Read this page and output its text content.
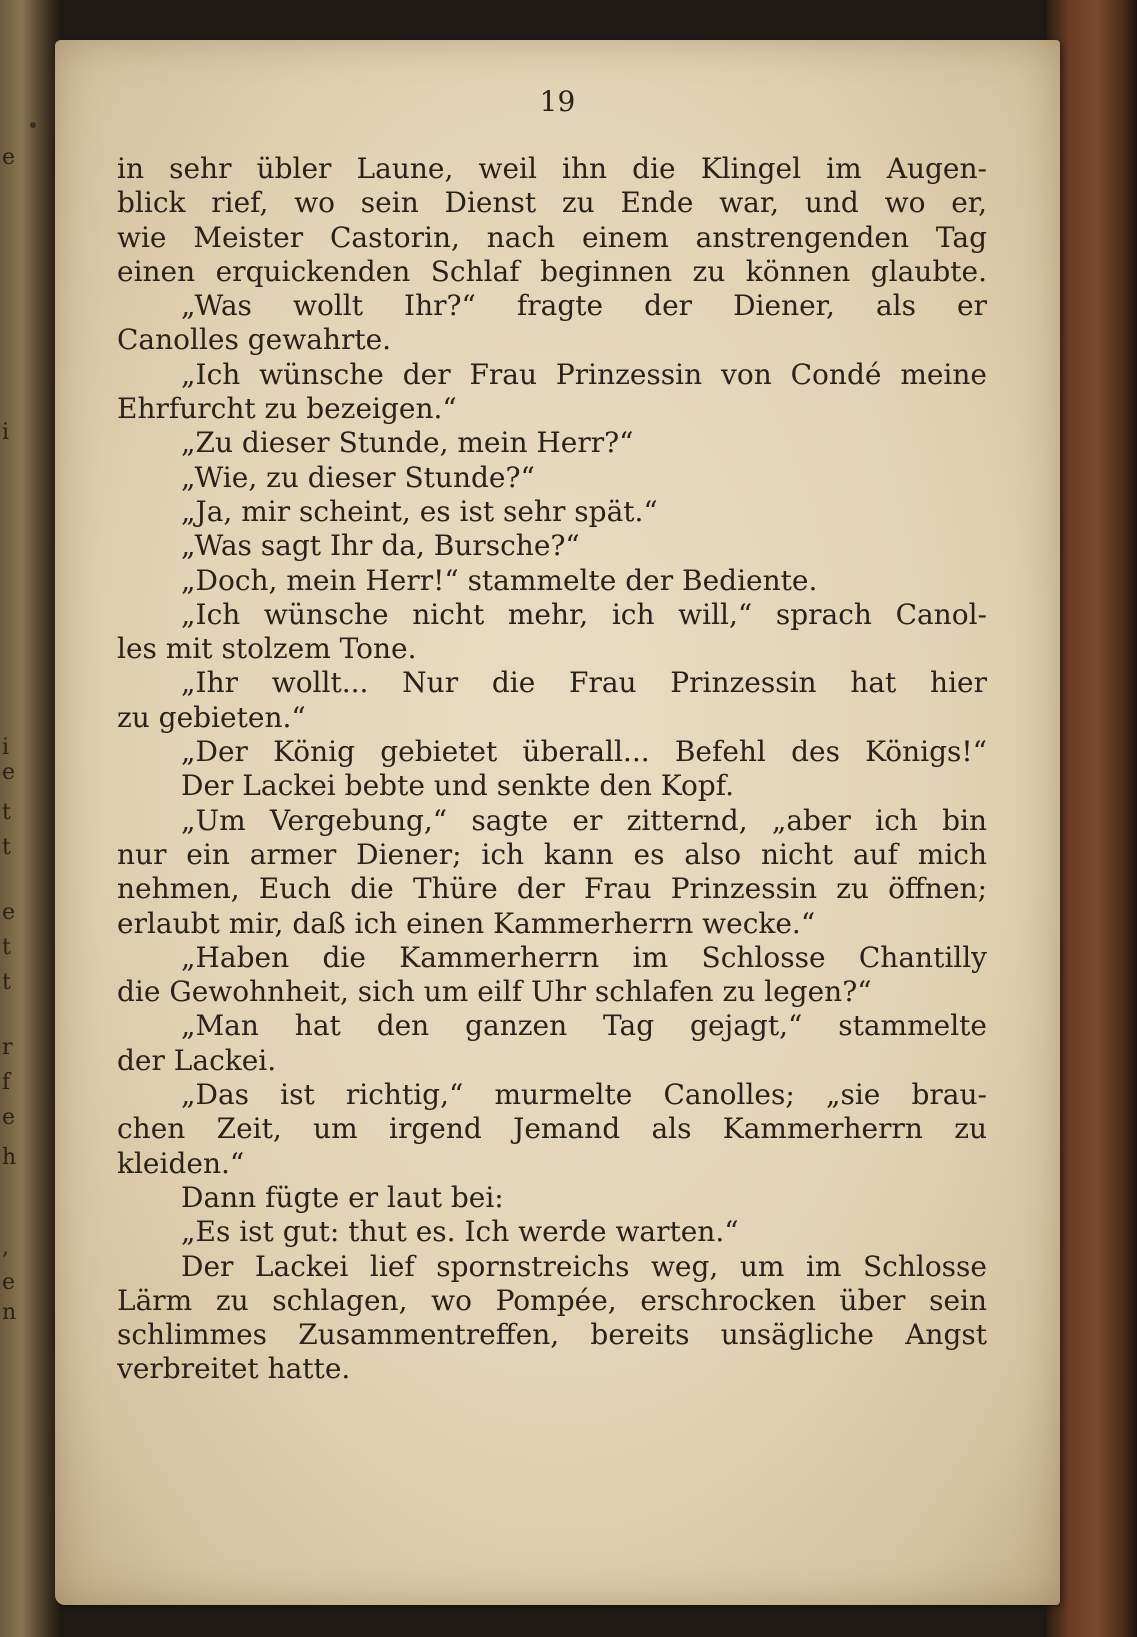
e
i
i
e
t
t
e
t
t
r
f
e
h
,
e
n
19
in sehr übler Laune, weil ihn die Klingel im Augen-
blick rief, wo sein Dienst zu Ende war, und wo er,
wie Meister Castorin, nach einem anstrengenden Tag
einen erquickenden Schlaf beginnen zu können glaubte.
„Was wollt Ihr?“ fragte der Diener, als er
Canolles gewahrte.
„Ich wünsche der Frau Prinzessin von Condé meine
Ehrfurcht zu bezeigen.“
„Zu dieser Stunde, mein Herr?“
„Wie, zu dieser Stunde?“
„Ja, mir scheint, es ist sehr spät.“
„Was sagt Ihr da, Bursche?“
„Doch, mein Herr!“ stammelte der Bediente.
„Ich wünsche nicht mehr, ich will,“ sprach Canol-
les mit stolzem Tone.
„Ihr wollt... Nur die Frau Prinzessin hat hier
zu gebieten.“
„Der König gebietet überall... Befehl des Königs!“
Der Lackei bebte und senkte den Kopf.
„Um Vergebung,“ sagte er zitternd, „aber ich bin
nur ein armer Diener; ich kann es also nicht auf mich
nehmen, Euch die Thüre der Frau Prinzessin zu öffnen;
erlaubt mir, daß ich einen Kammerherrn wecke.“
„Haben die Kammerherrn im Schlosse Chantilly
die Gewohnheit, sich um eilf Uhr schlafen zu legen?“
„Man hat den ganzen Tag gejagt,“ stammelte
der Lackei.
„Das ist richtig,“ murmelte Canolles; „sie brau-
chen Zeit, um irgend Jemand als Kammerherrn zu
kleiden.“
Dann fügte er laut bei:
„Es ist gut: thut es. Ich werde warten.“
Der Lackei lief spornstreichs weg, um im Schlosse
Lärm zu schlagen, wo Pompée, erschrocken über sein
schlimmes Zusammentreffen, bereits unsägliche Angst
verbreitet hatte.
